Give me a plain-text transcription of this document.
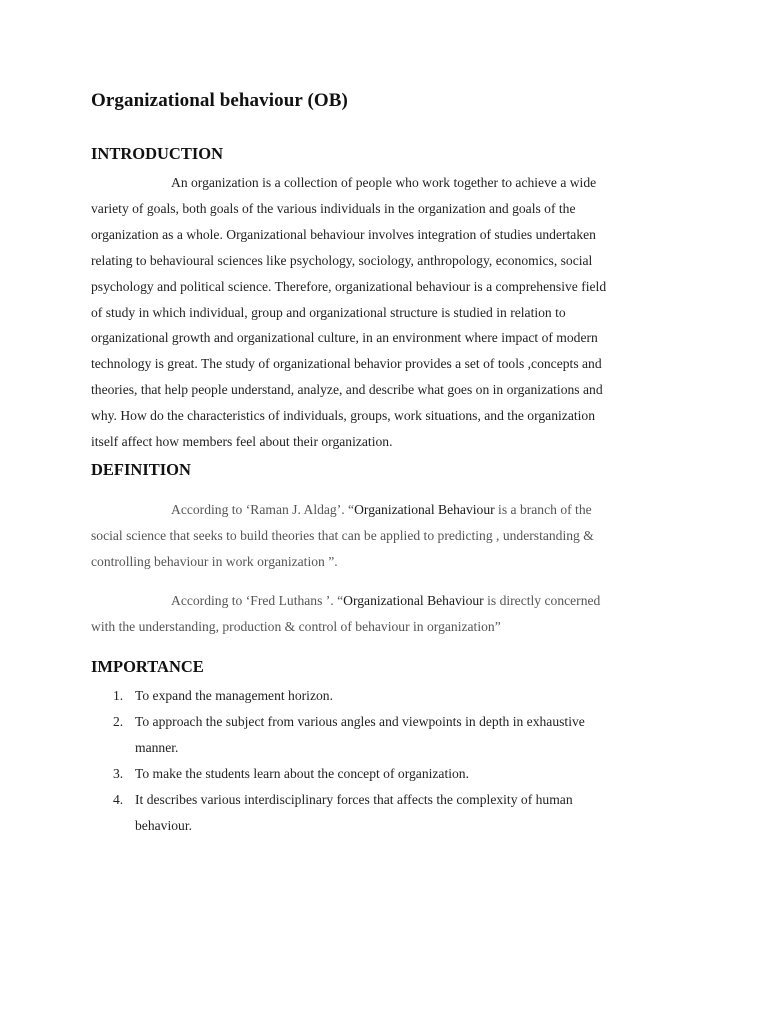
Organizational behaviour (OB)
INTRODUCTION
An organization is a collection of people who work together to achieve a wide
variety of goals, both goals of the various individuals in the organization and goals of the
organization as a whole. Organizational behaviour involves integration of studies undertaken
relating to behavioural sciences like psychology, sociology, anthropology, economics, social
psychology and political science. Therefore, organizational behaviour is a comprehensive field
of study in which individual, group and organizational structure is studied in relation to
organizational growth and organizational culture, in an environment where impact of modern
technology is great. The study of organizational behavior provides a set of tools ,concepts and
theories, that help people understand, analyze, and describe what goes on in organizations and
why. How do the characteristics of individuals, groups, work situations, and the organization
itself affect how members feel about their organization.
DEFINITION
According to ‘Raman J. Aldag’. “Organizational Behaviour is a branch of the
social science that seeks to build theories that can be applied to predicting , understanding &
controlling behaviour in work organization ”.
According to ‘Fred Luthans ’. “Organizational Behaviour is directly concerned
with the understanding, production & control of behaviour in organization”
IMPORTANCE
1. To expand the management horizon.
2. To approach the subject from various angles and viewpoints in depth in exhaustive
manner.
3. To make the students learn about the concept of organization.
4. It describes various interdisciplinary forces that affects the complexity of human
behaviour.
